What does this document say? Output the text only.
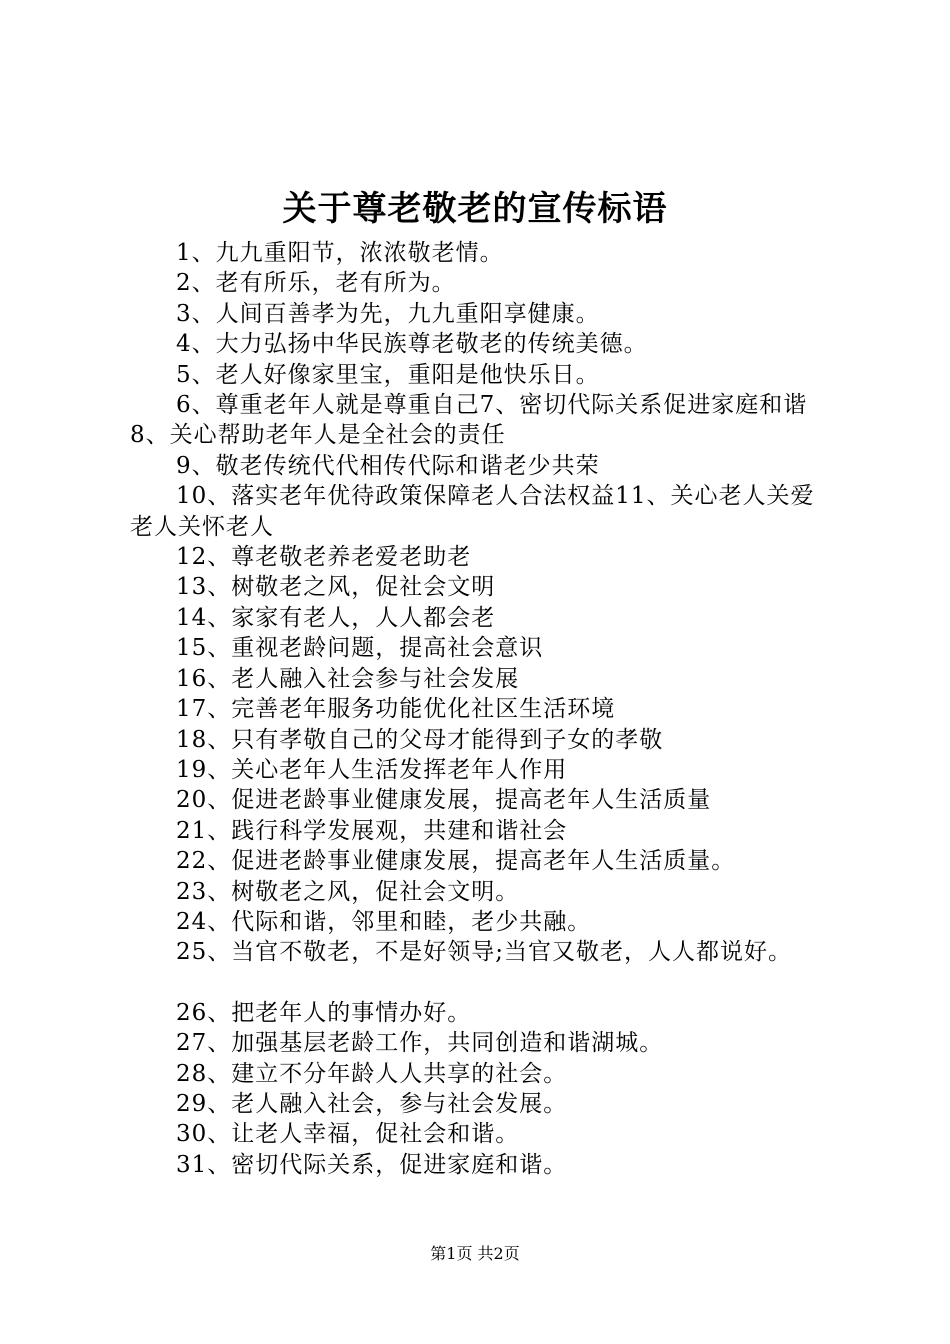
关于尊老敬老的宣传标语

1、九九重阳节，浓浓敬老情。

2、老有所乐，老有所为。

3、人间百善孝为先，九九重阳享健康。

4、大力弘扬中华民族尊老敬老的传统美德。

5、老人好像家里宝，重阳是他快乐日。

6、尊重老年人就是尊重自己7、密切代际关系促进家庭和谐8、关心帮助老年人是全社会的责任

9、敬老传统代代相传代际和谐老少共荣

10、落实老年优待政策保障老人合法权益11、关心老人关爱老人关怀老人

12、尊老敬老养老爱老助老

13、树敬老之风，促社会文明

14、家家有老人，人人都会老

15、重视老龄问题，提高社会意识

16、老人融入社会参与社会发展

17、完善老年服务功能优化社区生活环境

18、只有孝敬自己的父母才能得到子女的孝敬

19、关心老年人生活发挥老年人作用

20、促进老龄事业健康发展，提高老年人生活质量

21、践行科学发展观，共建和谐社会

22、促进老龄事业健康发展，提高老年人生活质量。

23、树敬老之风，促社会文明。

24、代际和谐，邻里和睦，老少共融。

25、当官不敬老，不是好领导;当官又敬老，人人都说好。

26、把老年人的事情办好。

27、加强基层老龄工作，共同创造和谐湖城。

28、建立不分年龄人人共享的社会。

29、老人融入社会，参与社会发展。

30、让老人幸福，促社会和谐。

31、密切代际关系，促进家庭和谐。

第1页 共2页
